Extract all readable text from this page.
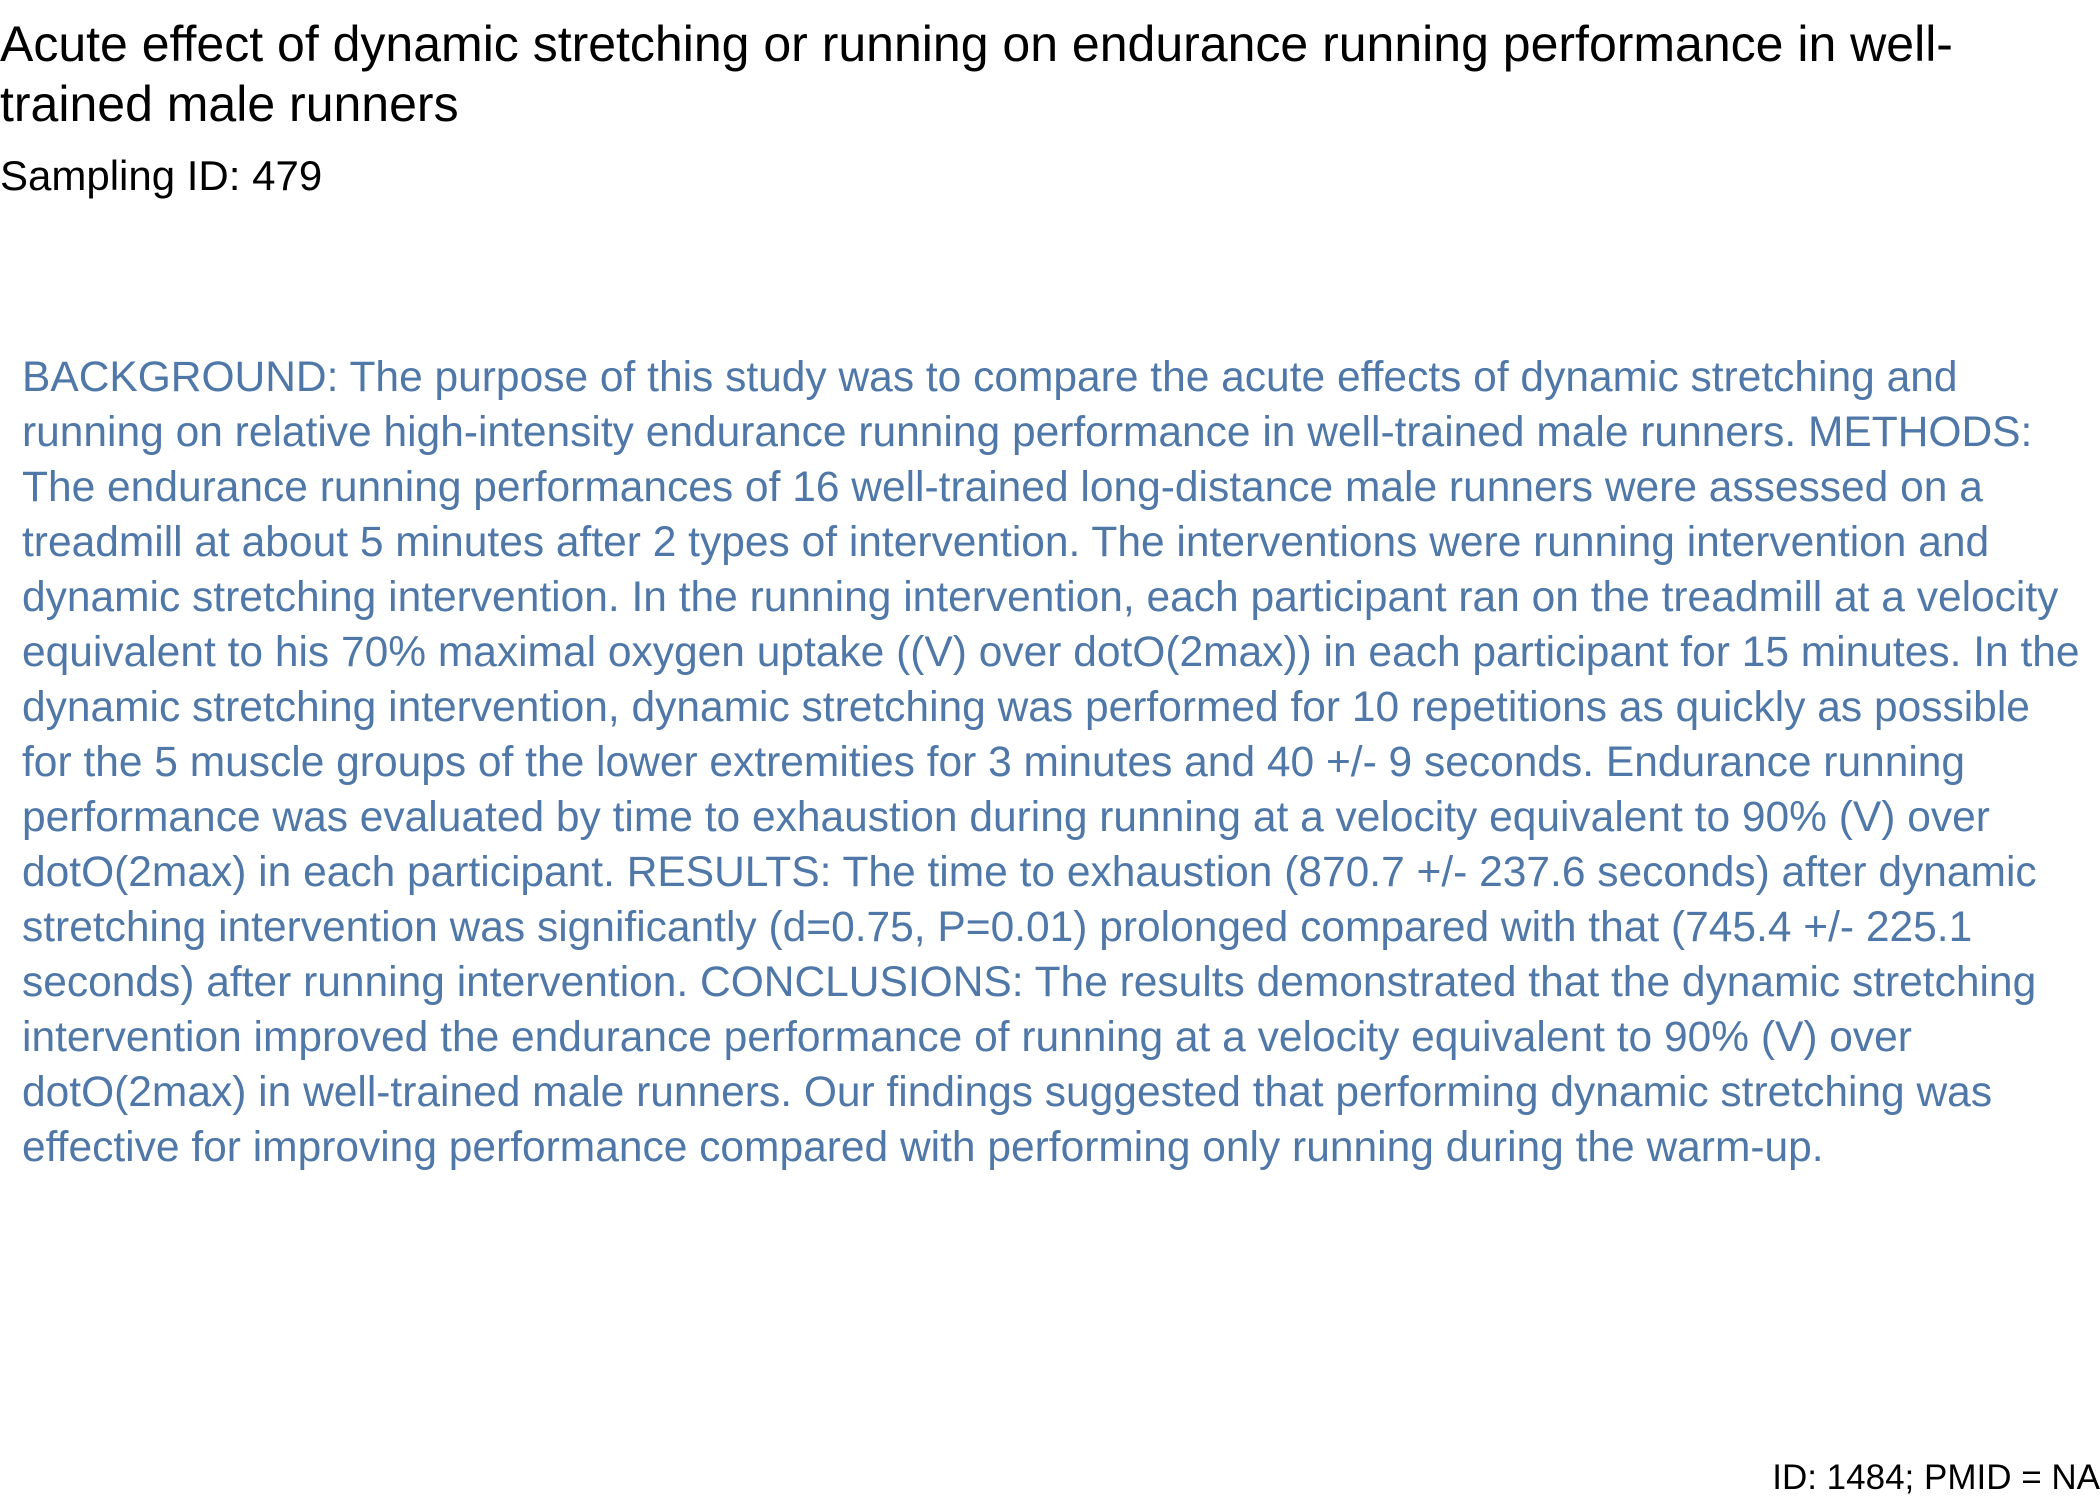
Acute effect of dynamic stretching or running on endurance running performance in well-trained male runners
Sampling ID: 479

BACKGROUND: The purpose of this study was to compare the acute effects of dynamic stretching and running on relative high-intensity endurance running performance in well-trained male runners. METHODS: The endurance running performances of 16 well-trained long-distance male runners were assessed on a treadmill at about 5 minutes after 2 types of intervention. The interventions were running intervention and dynamic stretching intervention. In the running intervention, each participant ran on the treadmill at a velocity equivalent to his 70% maximal oxygen uptake ((V) over dotO(2max)) in each participant for 15 minutes. In the dynamic stretching intervention, dynamic stretching was performed for 10 repetitions as quickly as possible for the 5 muscle groups of the lower extremities for 3 minutes and 40 +/- 9 seconds. Endurance running performance was evaluated by time to exhaustion during running at a velocity equivalent to 90% (V) over dotO(2max) in each participant. RESULTS: The time to exhaustion (870.7 +/- 237.6 seconds) after dynamic stretching intervention was significantly (d=0.75, P=0.01) prolonged compared with that (745.4 +/- 225.1 seconds) after running intervention. CONCLUSIONS: The results demonstrated that the dynamic stretching intervention improved the endurance performance of running at a velocity equivalent to 90% (V) over dotO(2max) in well-trained male runners. Our findings suggested that performing dynamic stretching was effective for improving performance compared with performing only running during the warm-up.

ID: 1484; PMID = NA
